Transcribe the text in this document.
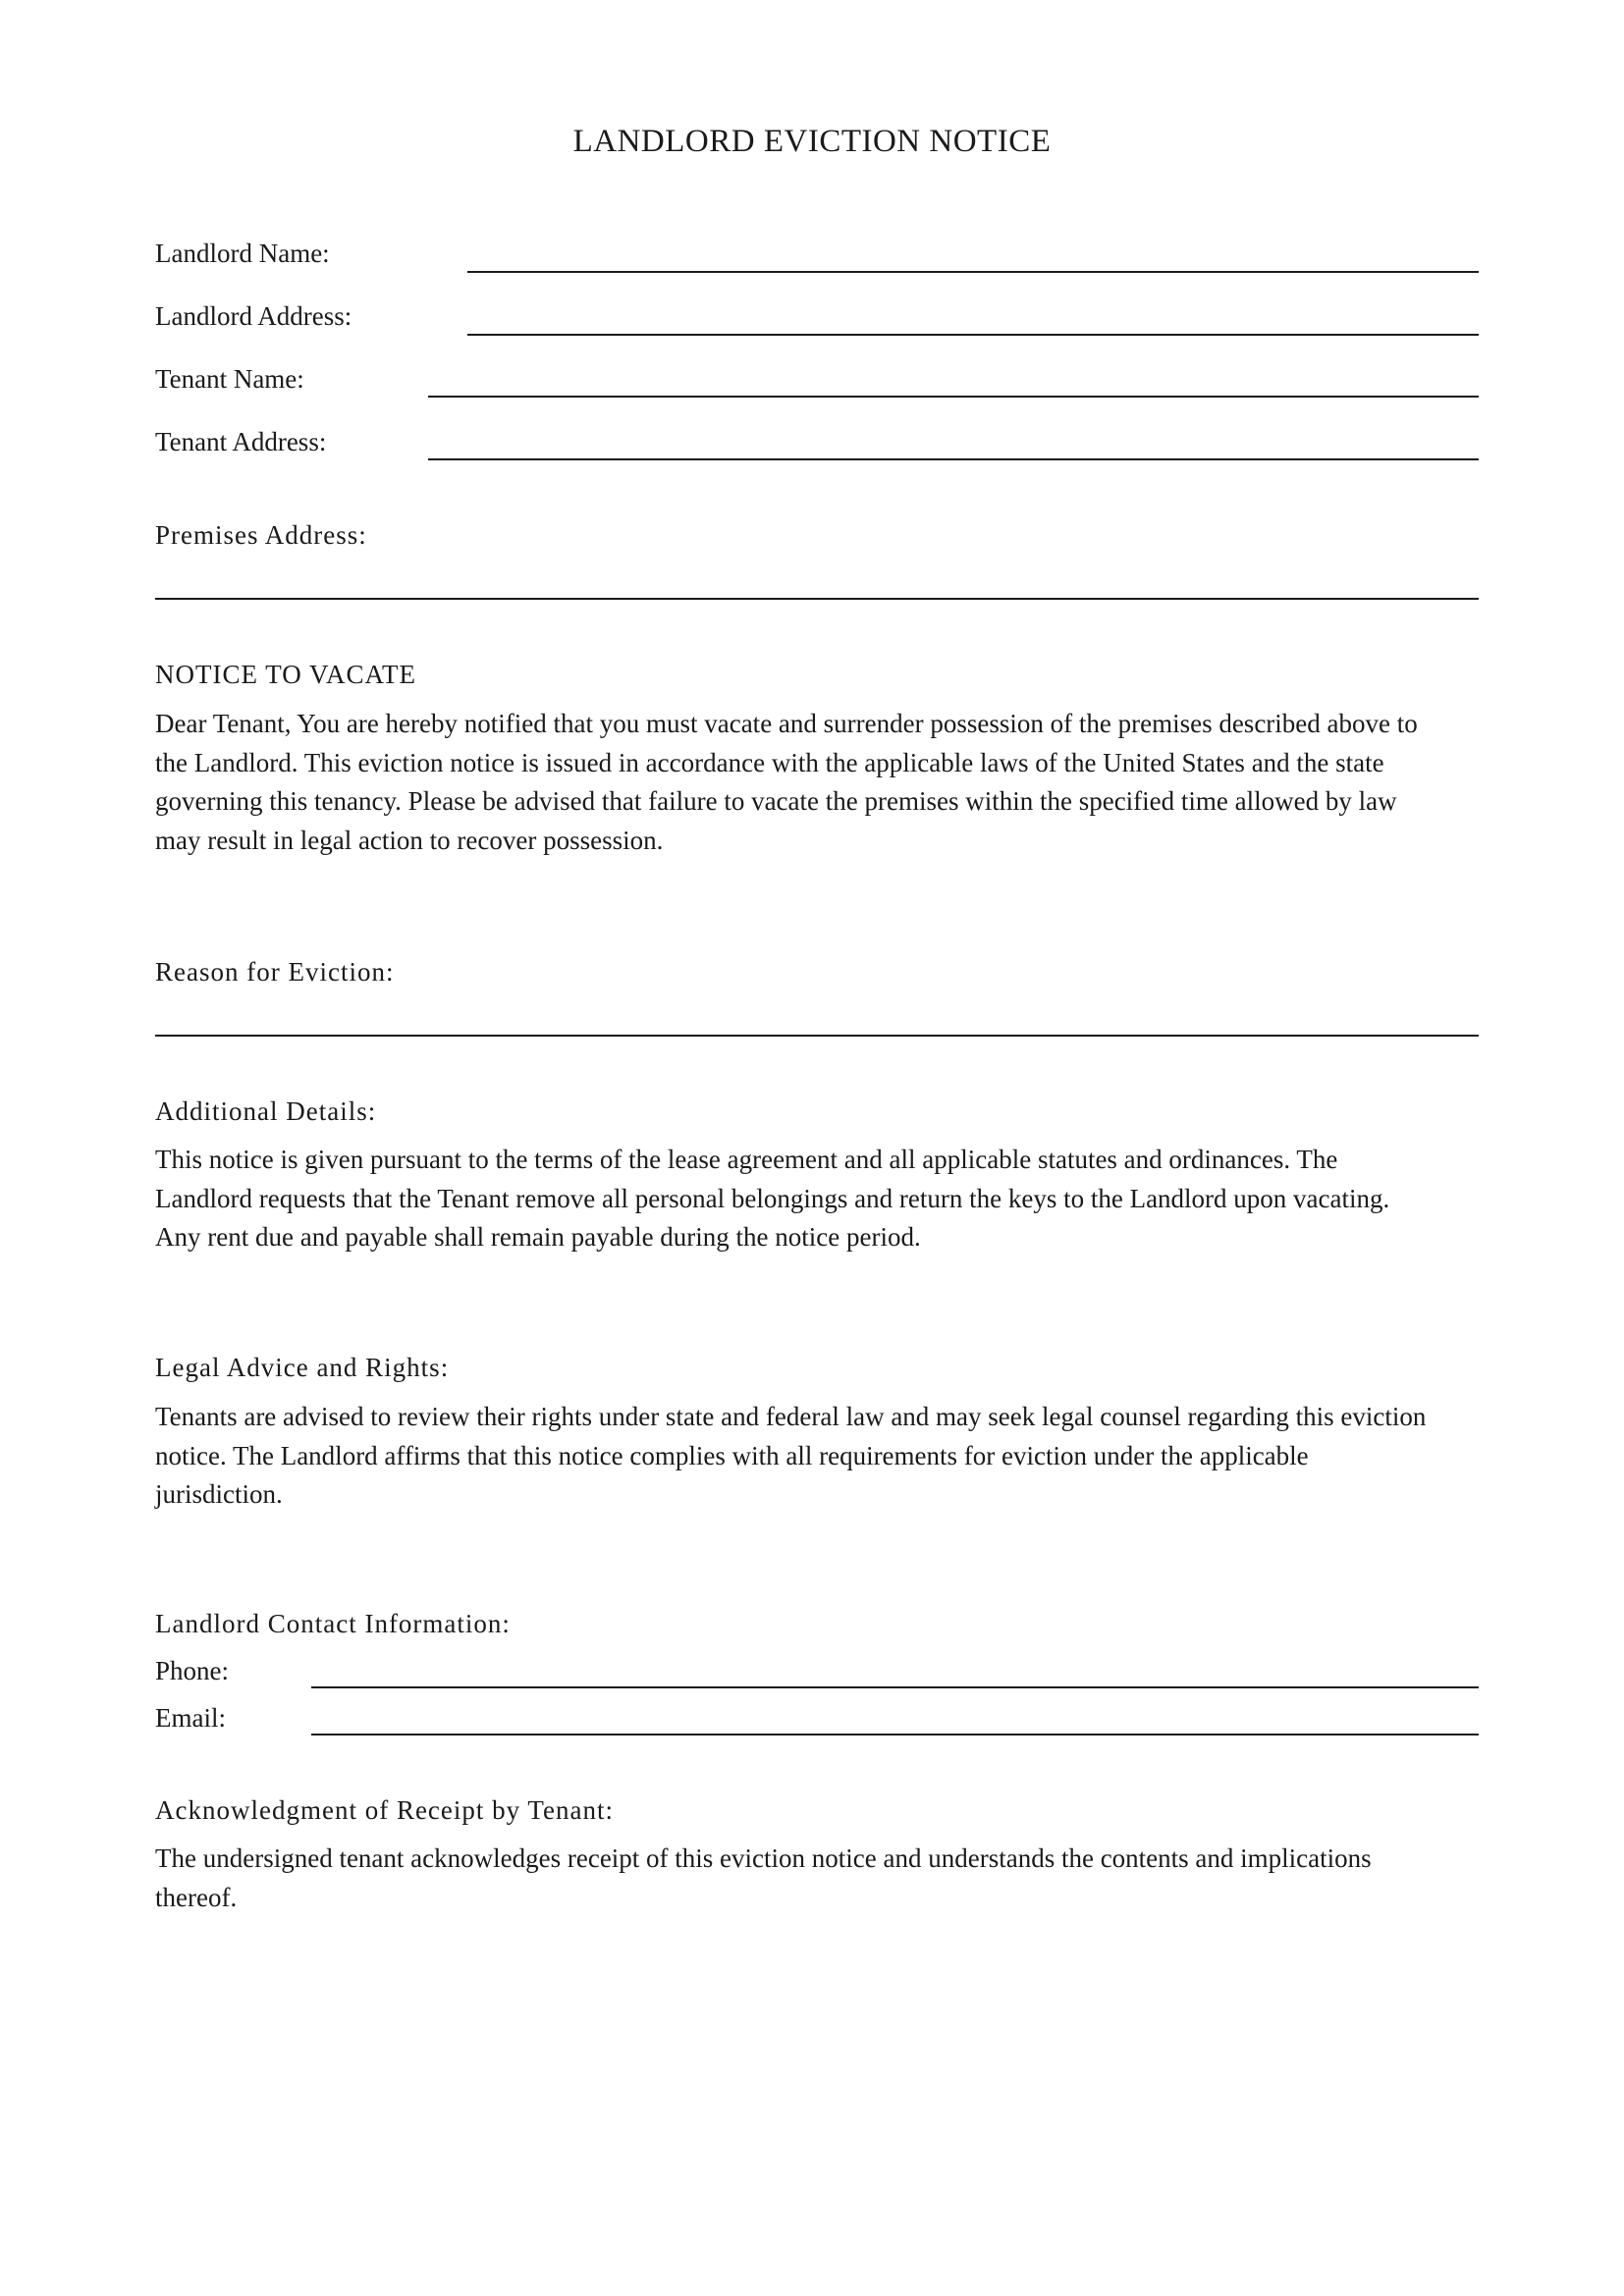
LANDLORD EVICTION NOTICE
Landlord Name:
Landlord Address:
Tenant Name:
Tenant Address:
Premises Address:
NOTICE TO VACATE
Dear Tenant, You are hereby notified that you must vacate and surrender possession of the premises described above to
the Landlord. This eviction notice is issued in accordance with the applicable laws of the United States and the state
governing this tenancy. Please be advised that failure to vacate the premises within the specified time allowed by law
may result in legal action to recover possession.
Reason for Eviction:
Additional Details:
This notice is given pursuant to the terms of the lease agreement and all applicable statutes and ordinances. The
Landlord requests that the Tenant remove all personal belongings and return the keys to the Landlord upon vacating.
Any rent due and payable shall remain payable during the notice period.
Legal Advice and Rights:
Tenants are advised to review their rights under state and federal law and may seek legal counsel regarding this eviction
notice. The Landlord affirms that this notice complies with all requirements for eviction under the applicable
jurisdiction.
Landlord Contact Information:
Phone:
Email:
Acknowledgment of Receipt by Tenant:
The undersigned tenant acknowledges receipt of this eviction notice and understands the contents and implications
thereof.
